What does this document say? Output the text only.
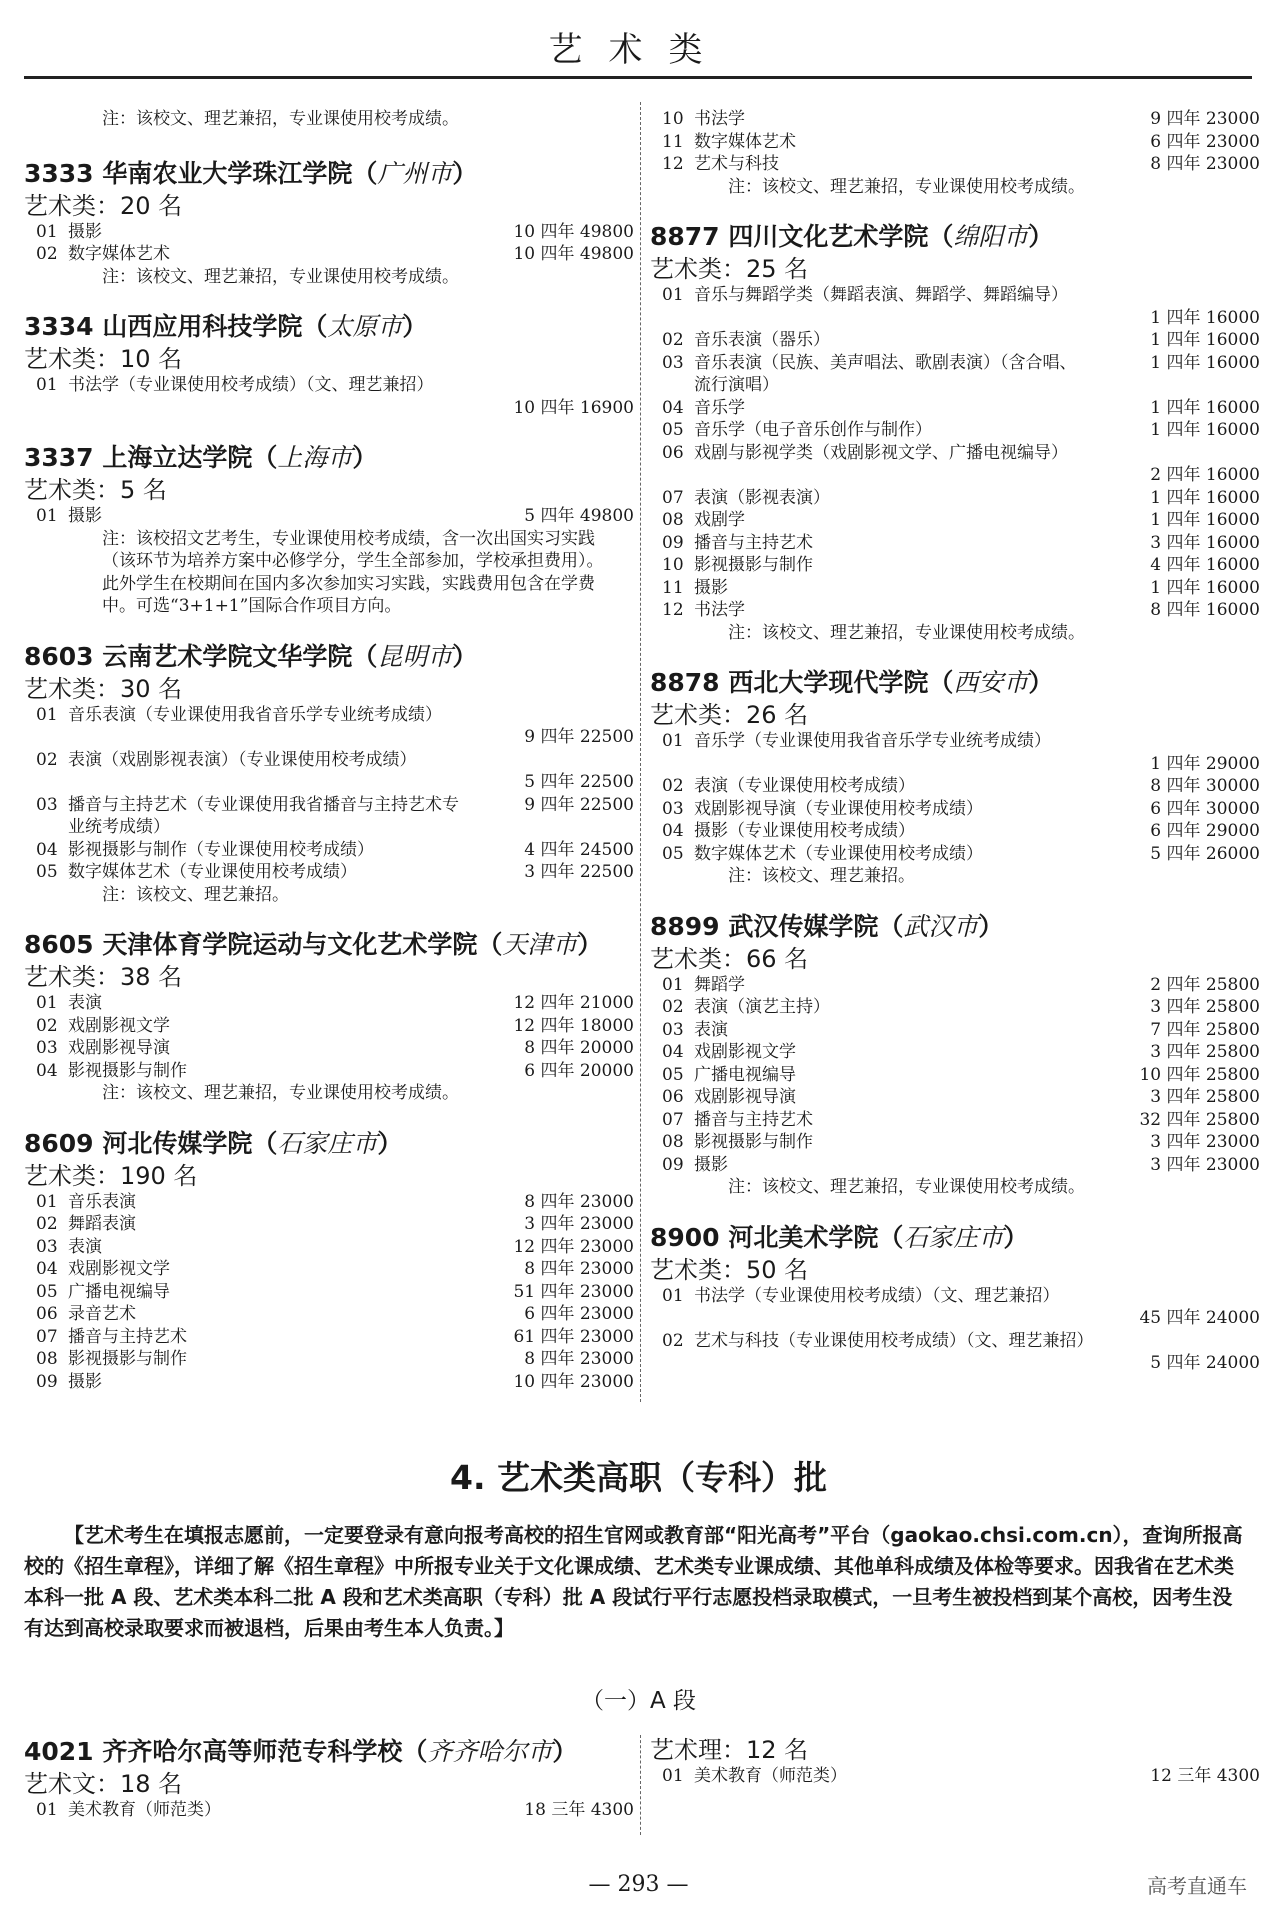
艺术类
注：该校文、理艺兼招，专业课使用校考成绩。
3333 华南农业大学珠江学院（广州市）
艺术类：20 名
01 摄影	10 四年 49800
02 数字媒体艺术	10 四年 49800
注：该校文、理艺兼招，专业课使用校考成绩。
3334 山西应用科技学院（太原市）
艺术类：10 名
01 书法学（专业课使用校考成绩）（文、理艺兼招）
10 四年 16900
3337 上海立达学院（上海市）
艺术类：5 名
01 摄影	5 四年 49800
注：该校招文艺考生，专业课使用校考成绩，含一次出国实习实践（该环节为培养方案中必修学分，学生全部参加，学校承担费用）。此外学生在校期间在国内多次参加实习实践，实践费用包含在学费中。可选“3+1+1”国际合作项目方向。
8603 云南艺术学院文华学院（昆明市）
艺术类：30 名
01 音乐表演（专业课使用我省音乐学专业统考成绩）
9 四年 22500
02 表演（戏剧影视表演）（专业课使用校考成绩）
5 四年 22500
03 播音与主持艺术（专业课使用我省播音与主持艺术专业统考成绩）
9 四年 22500
04 影视摄影与制作（专业课使用校考成绩）	4 四年 24500
05 数字媒体艺术（专业课使用校考成绩）	3 四年 22500
注：该校文、理艺兼招。
8605 天津体育学院运动与文化艺术学院（天津市）
艺术类：38 名
01 表演	12 四年 21000
02 戏剧影视文学	12 四年 18000
03 戏剧影视导演	8 四年 20000
04 影视摄影与制作	6 四年 20000
注：该校文、理艺兼招，专业课使用校考成绩。
8609 河北传媒学院（石家庄市）
艺术类：190 名
01 音乐表演	8 四年 23000
02 舞蹈表演	3 四年 23000
03 表演	12 四年 23000
04 戏剧影视文学	8 四年 23000
05 广播电视编导	51 四年 23000
06 录音艺术	6 四年 23000
07 播音与主持艺术	61 四年 23000
08 影视摄影与制作	8 四年 23000
09 摄影	10 四年 23000
10 书法学	9 四年 23000
11 数字媒体艺术	6 四年 23000
12 艺术与科技	8 四年 23000
注：该校文、理艺兼招，专业课使用校考成绩。
8877 四川文化艺术学院（绵阳市）
艺术类：25 名
01 音乐与舞蹈学类（舞蹈表演、舞蹈学、舞蹈编导）
1 四年 16000
02 音乐表演（器乐）	1 四年 16000
03 音乐表演（民族、美声唱法、歌剧表演）（含合唱、流行演唱）
1 四年 16000
04 音乐学	1 四年 16000
05 音乐学（电子音乐创作与制作）	1 四年 16000
06 戏剧与影视学类（戏剧影视文学、广播电视编导）
2 四年 16000
07 表演（影视表演）	1 四年 16000
08 戏剧学	1 四年 16000
09 播音与主持艺术	3 四年 16000
10 影视摄影与制作	4 四年 16000
11 摄影	1 四年 16000
12 书法学	8 四年 16000
注：该校文、理艺兼招，专业课使用校考成绩。
8878 西北大学现代学院（西安市）
艺术类：26 名
01 音乐学（专业课使用我省音乐学专业统考成绩）
1 四年 29000
02 表演（专业课使用校考成绩）	8 四年 30000
03 戏剧影视导演（专业课使用校考成绩）	6 四年 30000
04 摄影（专业课使用校考成绩）	6 四年 29000
05 数字媒体艺术（专业课使用校考成绩）	5 四年 26000
注：该校文、理艺兼招。
8899 武汉传媒学院（武汉市）
艺术类：66 名
01 舞蹈学	2 四年 25800
02 表演（演艺主持）	3 四年 25800
03 表演	7 四年 25800
04 戏剧影视文学	3 四年 25800
05 广播电视编导	10 四年 25800
06 戏剧影视导演	3 四年 25800
07 播音与主持艺术	32 四年 25800
08 影视摄影与制作	3 四年 23000
09 摄影	3 四年 23000
注：该校文、理艺兼招，专业课使用校考成绩。
8900 河北美术学院（石家庄市）
艺术类：50 名
01 书法学（专业课使用校考成绩）（文、理艺兼招）
45 四年 24000
02 艺术与科技（专业课使用校考成绩）（文、理艺兼招）
5 四年 24000
4. 艺术类高职（专科）批
【艺术考生在填报志愿前，一定要登录有意向报考高校的招生官网或教育部“阳光高考”平台（gaokao.chsi.com.cn），查询所报高校的《招生章程》，详细了解《招生章程》中所报专业关于文化课成绩、艺术类专业课成绩、其他单科成绩及体检等要求。因我省在艺术类本科一批 A 段、艺术类本科二批 A 段和艺术类高职（专科）批 A 段试行平行志愿投档录取模式，一旦考生被投档到某个高校，因考生没有达到高校录取要求而被退档，后果由考生本人负责。】
（一）A 段
4021 齐齐哈尔高等师范专科学校（齐齐哈尔市）
艺术文：18 名
01 美术教育（师范类）	18 三年 4300
艺术理：12 名
01 美术教育（师范类）	12 三年 4300
— 293 —	高考直通车
